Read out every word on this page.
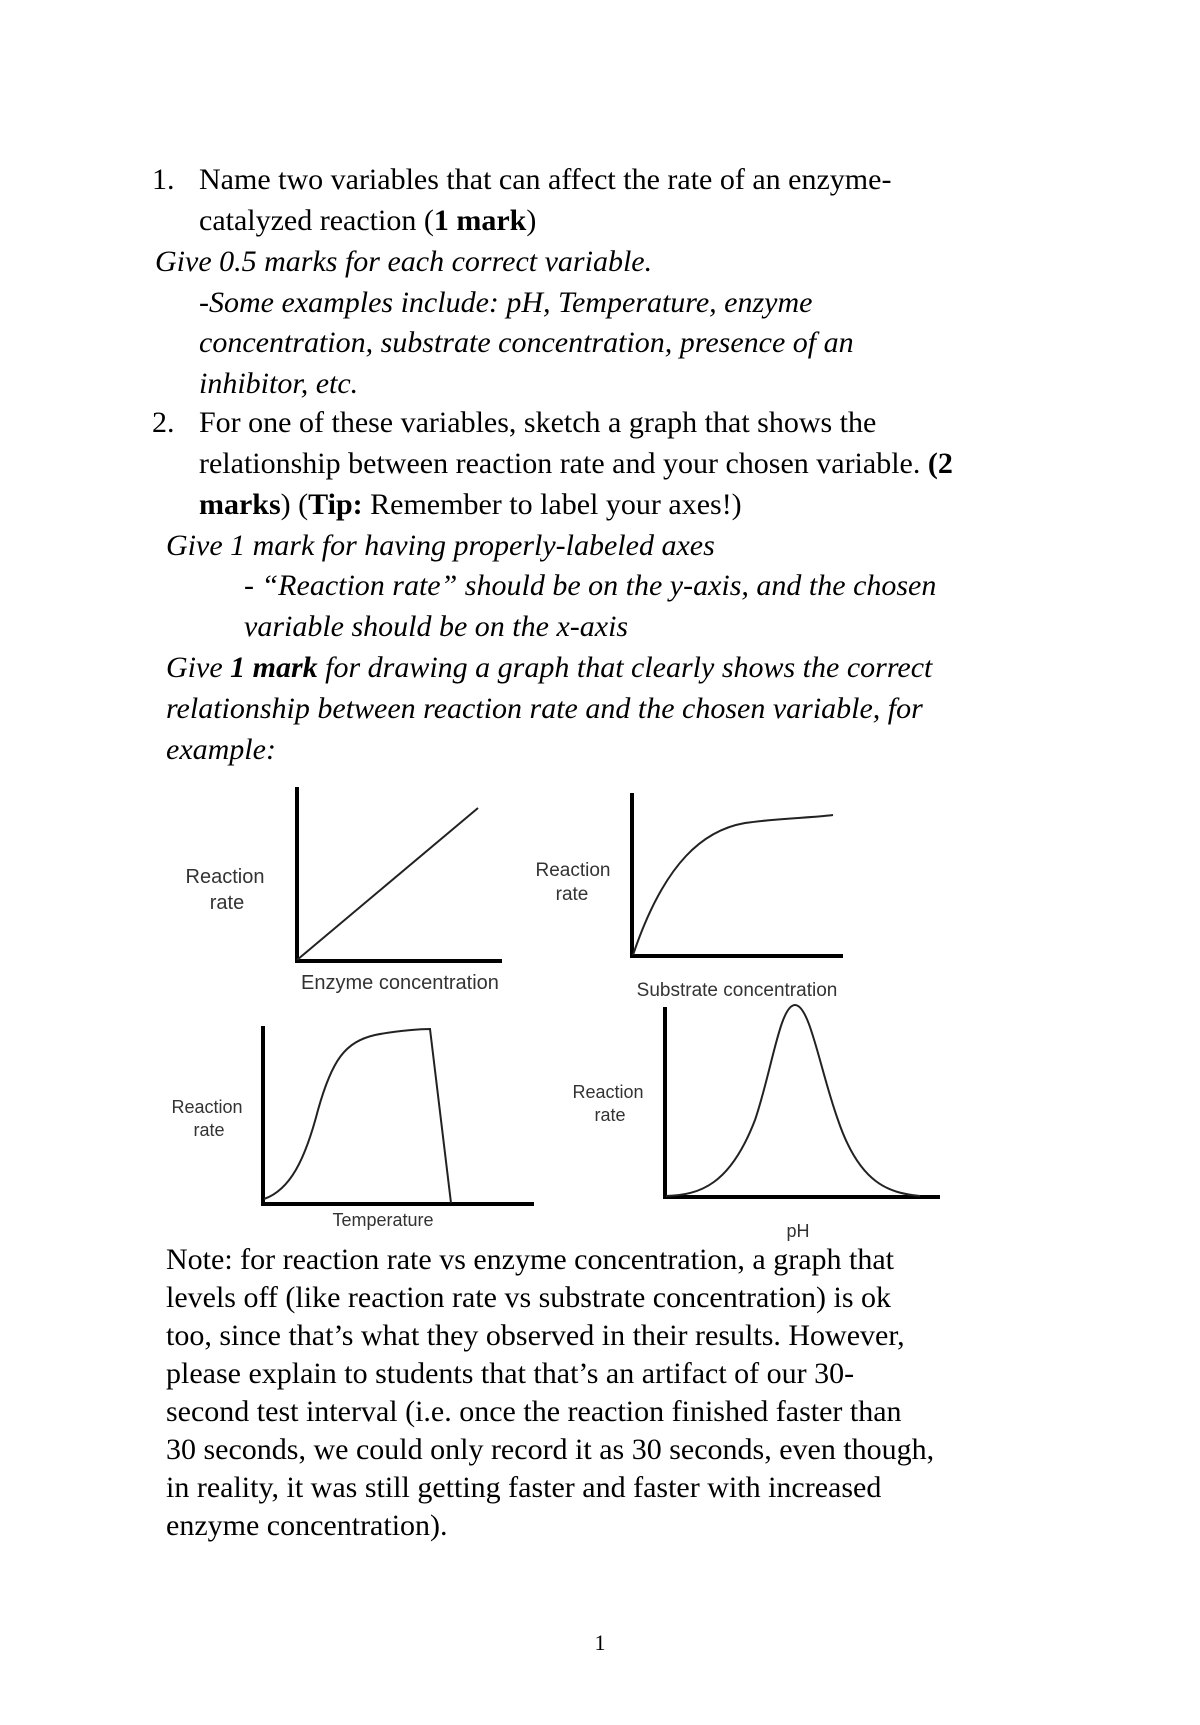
1. Name two variables that can affect the rate of an enzyme-
catalyzed reaction (1 mark)
Give 0.5 marks for each correct variable.
-Some examples include: pH, Temperature, enzyme
concentration, substrate concentration, presence of an
inhibitor, etc.
2. For one of these variables, sketch a graph that shows the
relationship between reaction rate and your chosen variable. (2
marks) (Tip: Remember to label your axes!)
Give 1 mark for having properly-labeled axes
- “Reaction rate” should be on the y-axis, and the chosen
variable should be on the x-axis
Give 1 mark for drawing a graph that clearly shows the correct
relationship between reaction rate and the chosen variable, for
example:
Reaction
rate
Enzyme concentration
Reaction
rate
Substrate concentration
Reaction
rate
Temperature
Reaction
rate
pH
Note: for reaction rate vs enzyme concentration, a graph that
levels off (like reaction rate vs substrate concentration) is ok
too, since that’s what they observed in their results. However,
please explain to students that that’s an artifact of our 30-
second test interval (i.e. once the reaction finished faster than
30 seconds, we could only record it as 30 seconds, even though,
in reality, it was still getting faster and faster with increased
enzyme concentration).
1
